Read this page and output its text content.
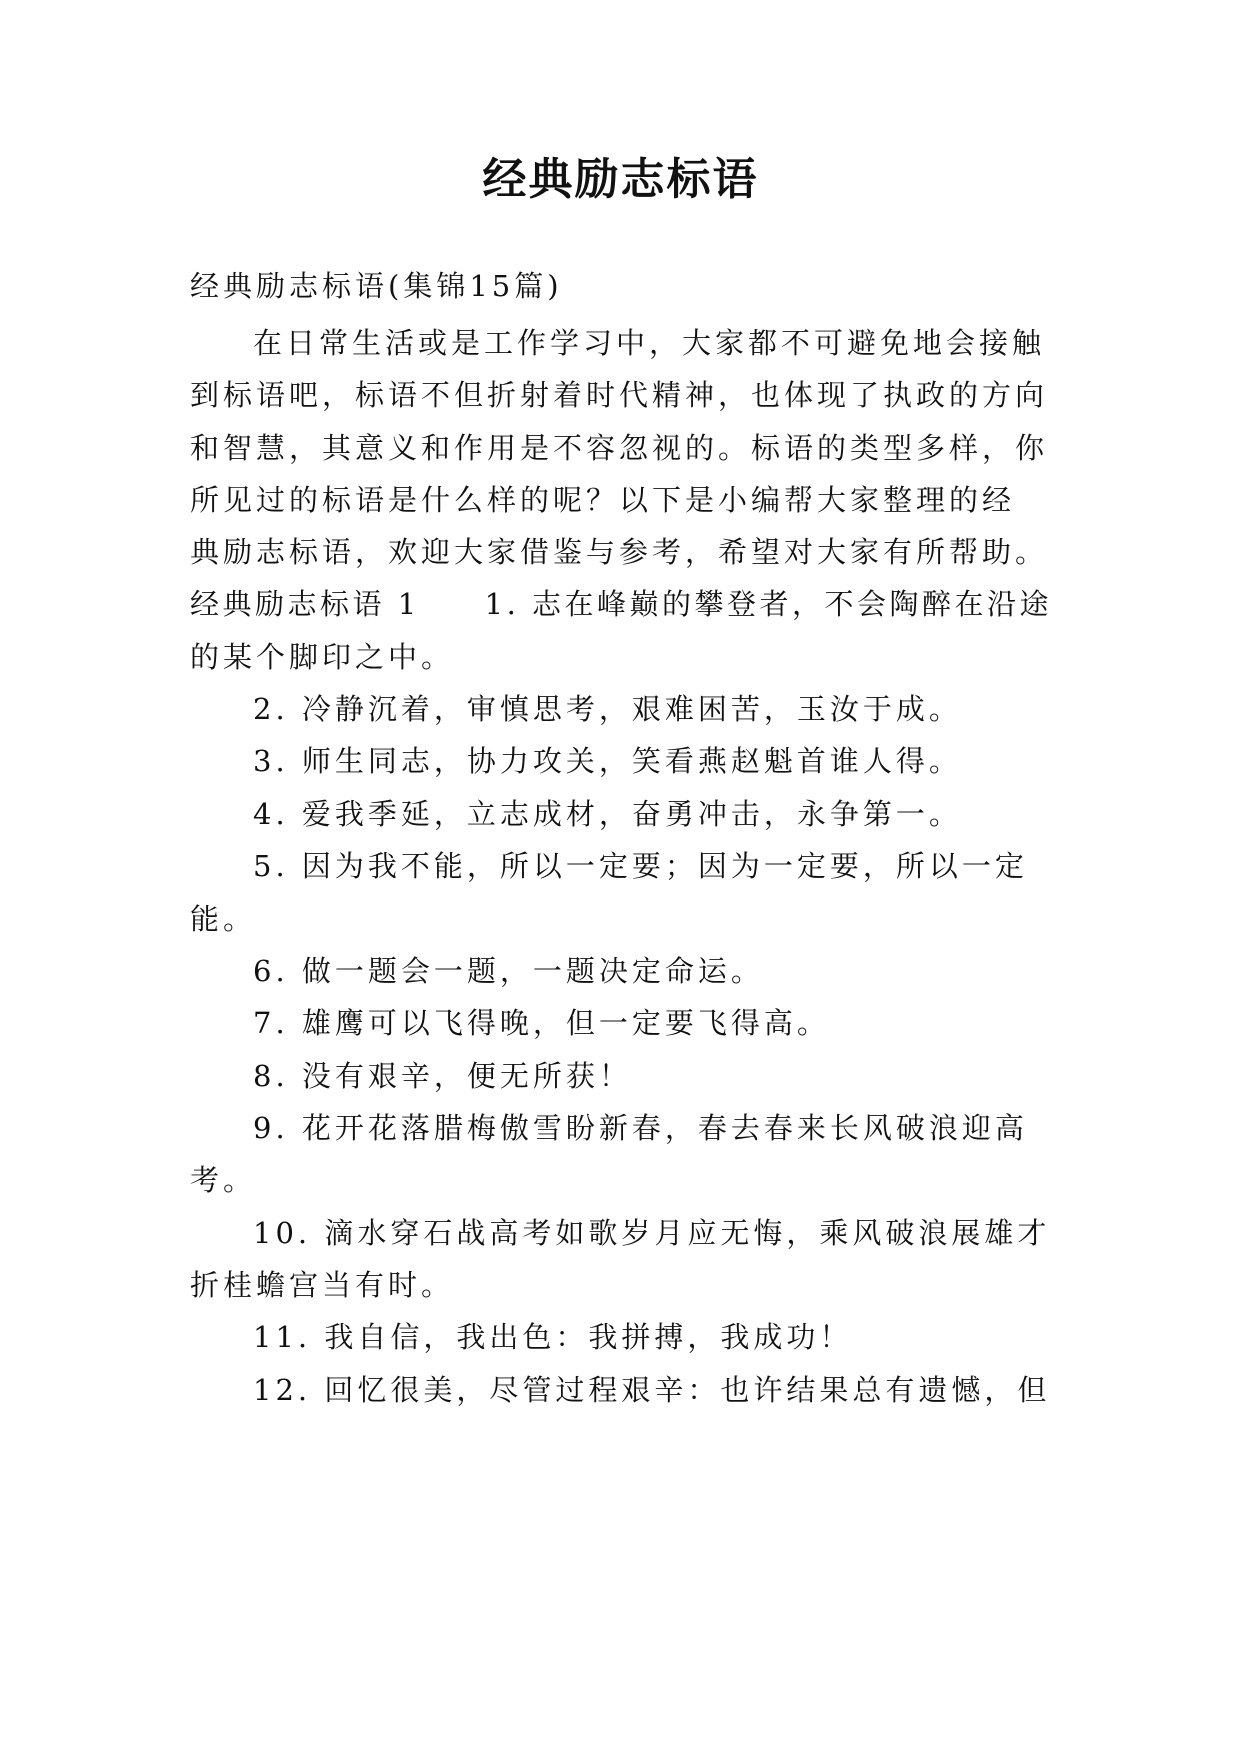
经典励志标语
经典励志标语(集锦15篇)
在日常生活或是工作学习中，大家都不可避免地会接触
到标语吧，标语不但折射着时代精神，也体现了执政的方向
和智慧，其意义和作用是不容忽视的。标语的类型多样，你
所见过的标语是什么样的呢？以下是小编帮大家整理的经
典励志标语，欢迎大家借鉴与参考，希望对大家有所帮助。
经典励志标语 1　　1. 志在峰巅的攀登者，不会陶醉在沿途
的某个脚印之中。
2. 冷静沉着，审慎思考，艰难困苦，玉汝于成。
3. 师生同志，协力攻关，笑看燕赵魁首谁人得。
4. 爱我季延，立志成材，奋勇冲击，永争第一。
5. 因为我不能，所以一定要；因为一定要，所以一定
能。
6. 做一题会一题，一题决定命运。
7. 雄鹰可以飞得晚，但一定要飞得高。
8. 没有艰辛，便无所获！
9. 花开花落腊梅傲雪盼新春，春去春来长风破浪迎高
考。
10. 滴水穿石战高考如歌岁月应无悔，乘风破浪展雄才
折桂蟾宫当有时。
11. 我自信，我出色：我拼搏，我成功！
12. 回忆很美，尽管过程艰辛：也许结果总有遗憾，但
